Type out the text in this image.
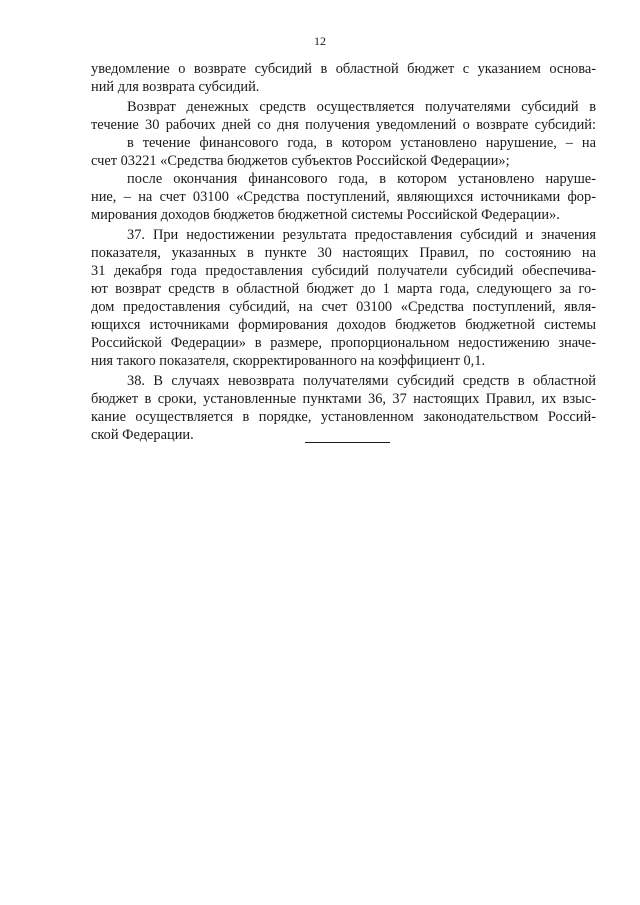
12
уведомление о возврате субсидий в областной бюджет с указанием основа-
ний для возврата субсидий.
Возврат денежных средств осуществляется получателями субсидий в
течение 30 рабочих дней со дня получения уведомлений о возврате субсидий:
в течение финансового года, в котором установлено нарушение, – на
счет 03221 «Средства бюджетов субъектов Российской Федерации»;
после окончания финансового года, в котором установлено наруше-
ние, – на счет 03100 «Средства поступлений, являющихся источниками фор-
мирования доходов бюджетов бюджетной системы Российской Федерации».
37. При недостижении результата предоставления субсидий и значения
показателя, указанных в пункте 30 настоящих Правил, по состоянию на
31 декабря года предоставления субсидий получатели субсидий обеспечива-
ют возврат средств в областной бюджет до 1 марта года, следующего за го-
дом предоставления субсидий, на счет 03100 «Средства поступлений, явля-
ющихся источниками формирования доходов бюджетов бюджетной системы
Российской Федерации» в размере, пропорциональном недостижению значе-
ния такого показателя, скорректированного на коэффициент 0,1.
38. В случаях невозврата получателями субсидий средств в областной
бюджет в сроки, установленные пунктами 36, 37 настоящих Правил, их взыс-
кание осуществляется в порядке, установленном законодательством Россий-
ской Федерации.
